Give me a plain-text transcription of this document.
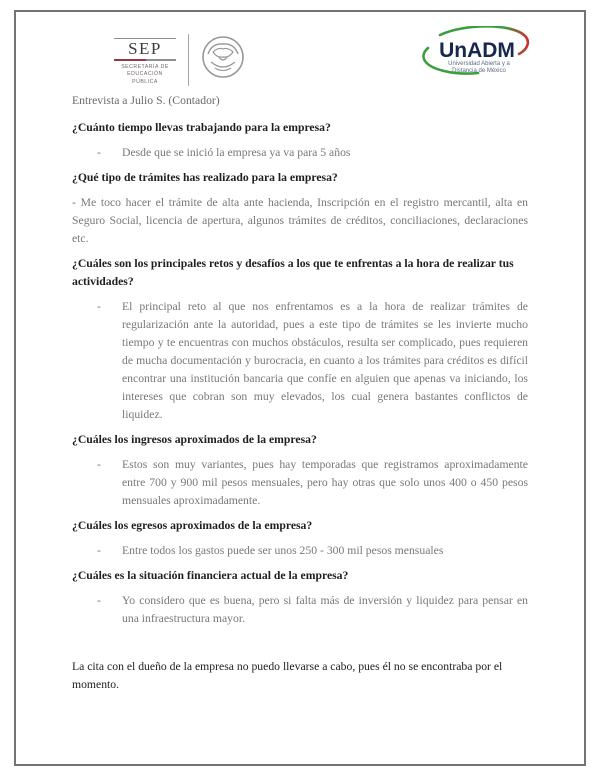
SEP
SECRETARÍA DE
EDUCACIÓN PÚBLICA
UnADM
Universidad Abierta y a
Distancia de México

Entrevista a Julio S. (Contador)

¿Cuánto tiempo llevas trabajando para la empresa?

-	Desde que se inició la empresa ya va para 5 años

¿Qué tipo de trámites has realizado para la empresa?

- Me toco hacer el trámite de alta ante hacienda, Inscripción en el registro mercantil, alta en Seguro Social, licencia de apertura, algunos trámites de créditos, conciliaciones, declaraciones etc.

¿Cuáles son los principales retos y desafíos a los que te enfrentas a la hora de realizar tus actividades?

-	El principal reto al que nos enfrentamos es a la hora de realizar trámites de regularización ante la autoridad, pues a este tipo de trámites se les invierte mucho tiempo y te encuentras con muchos obstáculos, resulta ser complicado, pues requieren de mucha documentación y burocracia, en cuanto a los trámites para créditos es difícil encontrar una institución bancaria que confíe en alguien que apenas va iniciando, los intereses que cobran son muy elevados, los cual genera bastantes conflictos de liquidez.

¿Cuáles los ingresos aproximados de la empresa?

-	Estos son muy variantes, pues hay temporadas que registramos aproximadamente entre 700 y 900 mil pesos mensuales, pero hay otras que solo unos 400 o 450 pesos mensuales aproximadamente.

¿Cuáles los egresos aproximados de la empresa?

-	Entre todos los gastos puede ser unos 250 - 300 mil pesos mensuales

¿Cuáles es la situación financiera actual de la empresa?

-	Yo considero que es buena, pero si falta más de inversión y liquidez para pensar en una infraestructura mayor.

La cita con el dueño de la empresa no puedo llevarse a cabo, pues él no se encontraba por el momento.
